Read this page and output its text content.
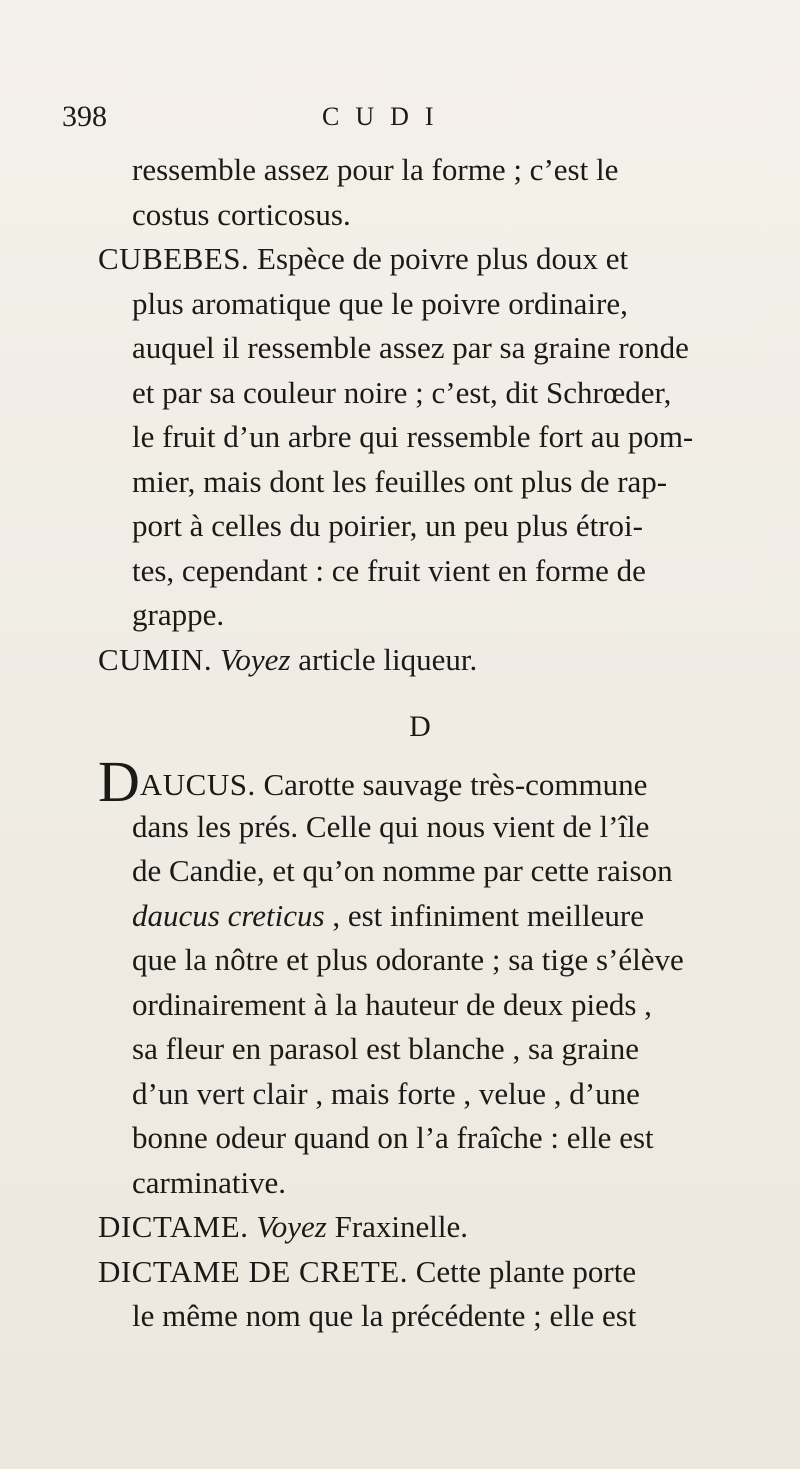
398	CUDI
ressemble assez pour la forme ; c’est le
costus corticosus.
CUBEBES. Espèce de poivre plus doux et
plus aromatique que le poivre ordinaire,
auquel il ressemble assez par sa graine ronde
et par sa couleur noire ; c’est, dit Schrœder,
le fruit d’un arbre qui ressemble fort au pom-
mier, mais dont les feuilles ont plus de rap-
port à celles du poirier, un peu plus étroi-
tes, cependant : ce fruit vient en forme de
grappe.
CUMIN. Voyez article liqueur.
D
DAUCUS. Carotte sauvage très-commune
dans les prés. Celle qui nous vient de l’île
de Candie, et qu’on nomme par cette raison
daucus creticus , est infiniment meilleure
que la nôtre et plus odorante ; sa tige s’élève
ordinairement à la hauteur de deux pieds ,
sa fleur en parasol est blanche , sa graine
d’un vert clair , mais forte , velue , d’une
bonne odeur quand on l’a fraîche : elle est
carminative.
DICTAME. Voyez Fraxinelle.
DICTAME DE CRETE. Cette plante porte
le même nom que la précédente ; elle est
